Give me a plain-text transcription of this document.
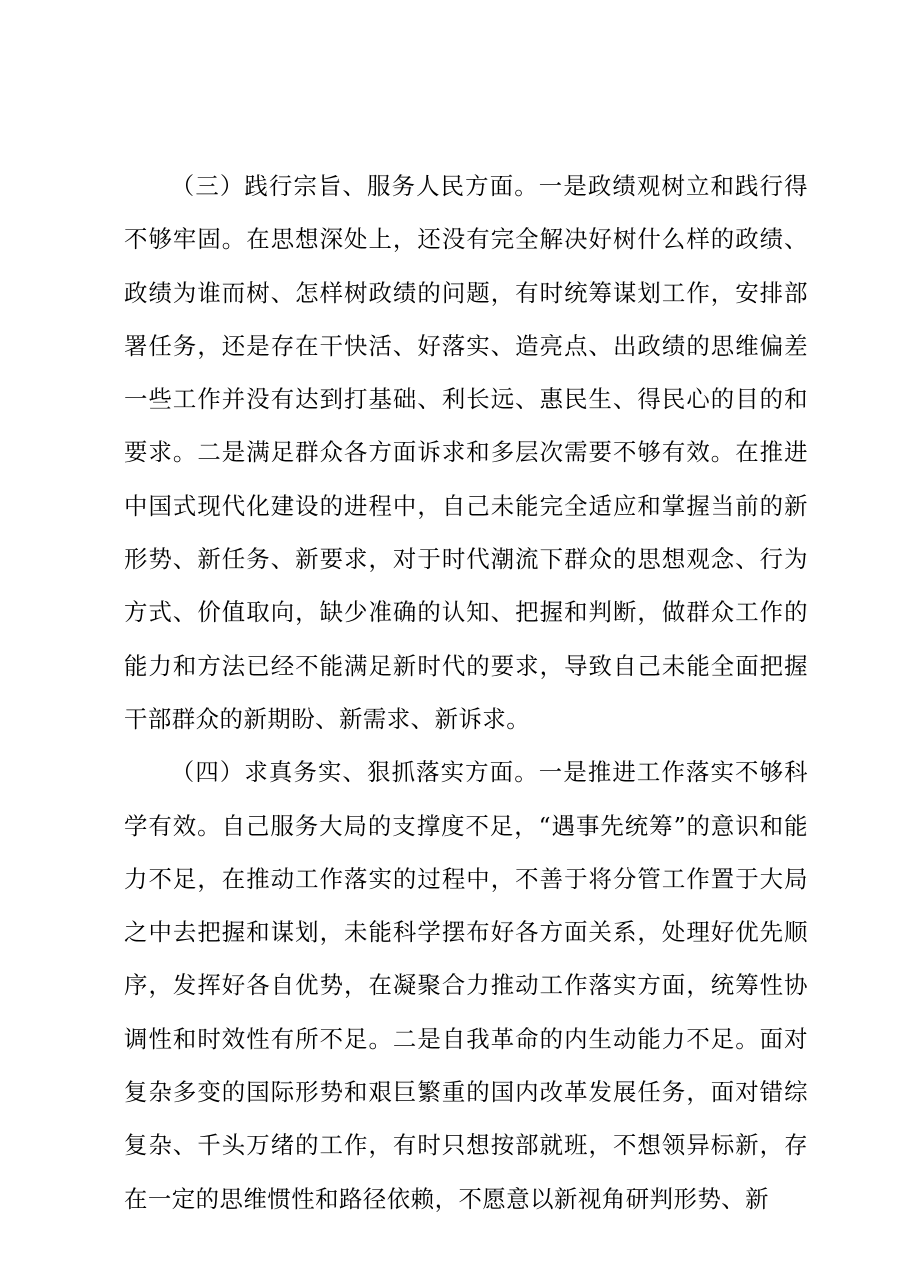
（三）践行宗旨、服务人民方面。一是政绩观树立和践行得不够牢固。在思想深处上，还没有完全解决好树什么样的政绩、政绩为谁而树、怎样树政绩的问题，有时统筹谋划工作，安排部署任务，还是存在干快活、好落实、造亮点、出政绩的思维偏差一些工作并没有达到打基础、利长远、惠民生、得民心的目的和要求。二是满足群众各方面诉求和多层次需要不够有效。在推进中国式现代化建设的进程中，自己未能完全适应和掌握当前的新形势、新任务、新要求，对于时代潮流下群众的思想观念、行为方式、价值取向，缺少准确的认知、把握和判断，做群众工作的能力和方法已经不能满足新时代的要求，导致自己未能全面把握干部群众的新期盼、新需求、新诉求。

（四）求真务实、狠抓落实方面。一是推进工作落实不够科学有效。自己服务大局的支撑度不足，“遇事先统筹”的意识和能力不足，在推动工作落实的过程中，不善于将分管工作置于大局之中去把握和谋划，未能科学摆布好各方面关系，处理好优先顺序，发挥好各自优势，在凝聚合力推动工作落实方面，统筹性协调性和时效性有所不足。二是自我革命的内生动能力不足。面对复杂多变的国际形势和艰巨繁重的国内改革发展任务，面对错综复杂、千头万绪的工作，有时只想按部就班，不想领异标新，存在一定的思维惯性和路径依赖，不愿意以新视角研判形势、新
